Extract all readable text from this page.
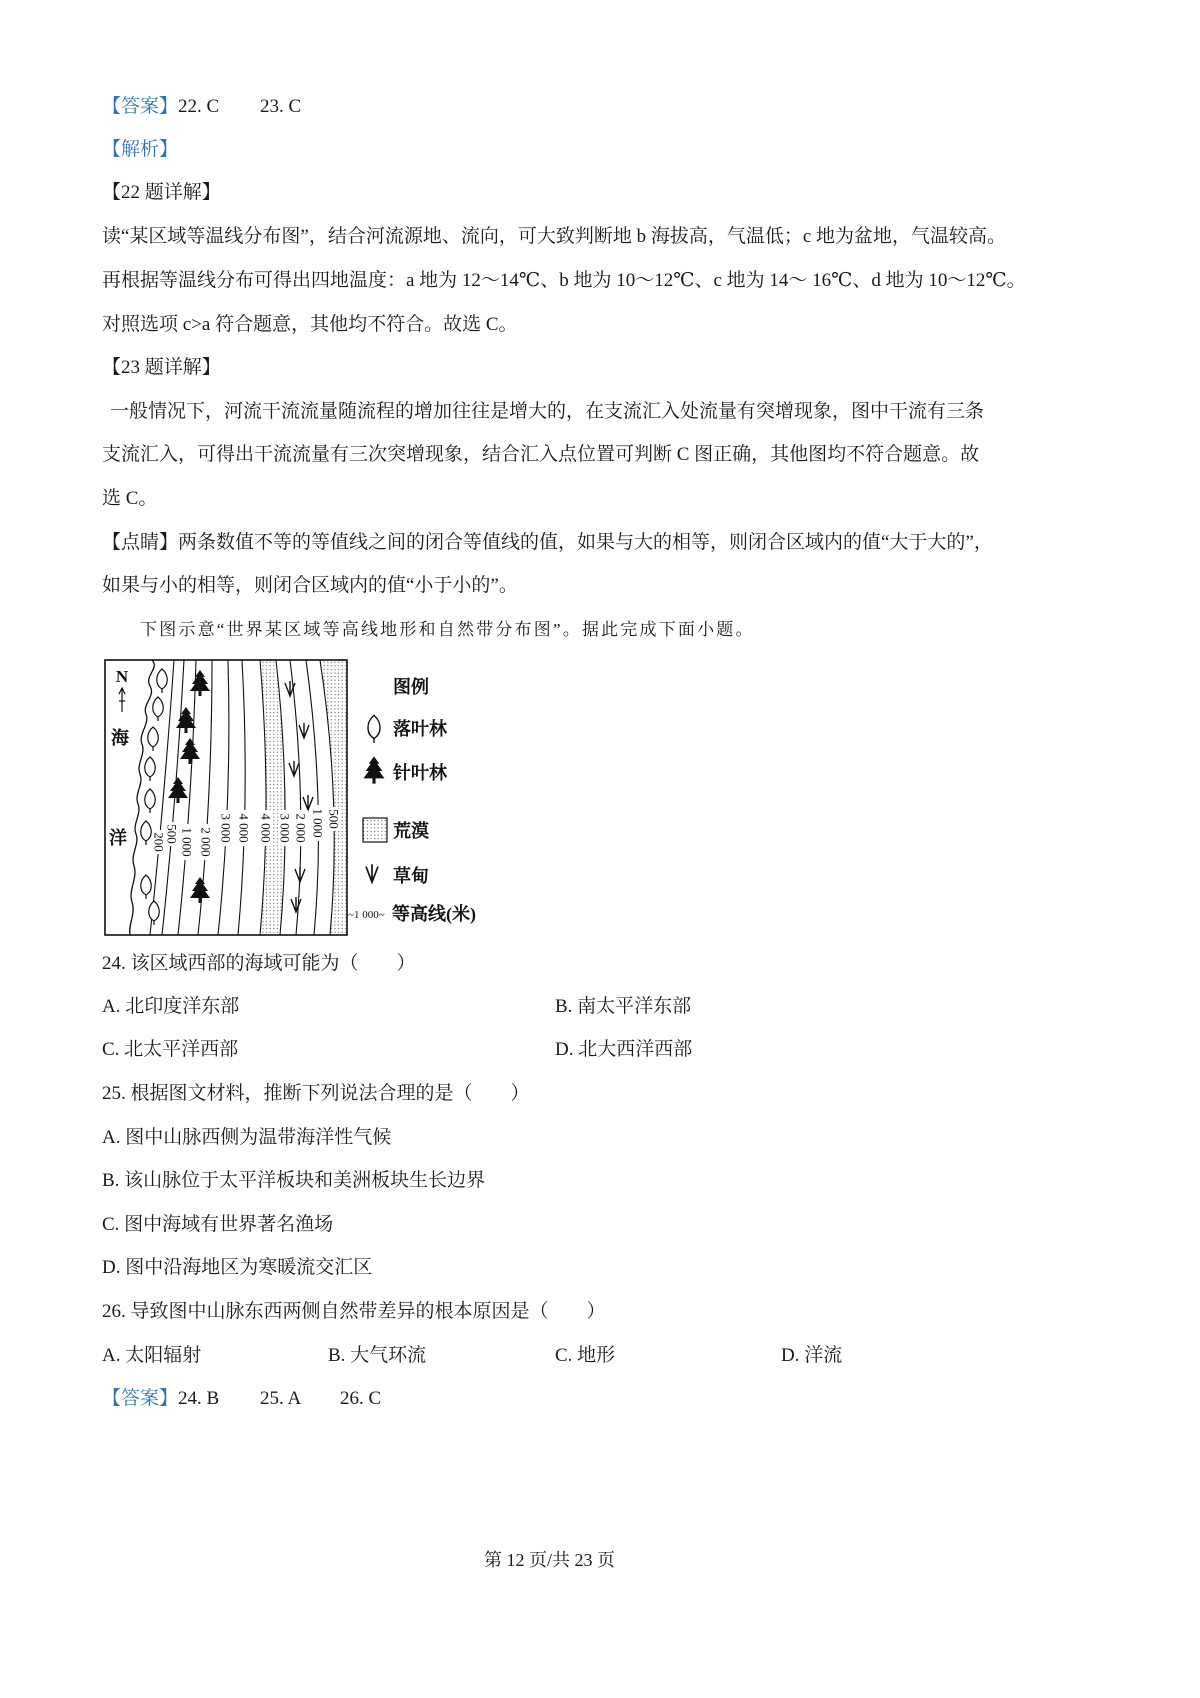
【答案】 22. C 23. C
【解析】
【22 题详解】
读“某区域等温线分布图”，结合河流源地、流向，可大致判断地 b 海拔高，气温低；c 地为盆地，气温较高。
再根据等温线分布可得出四地温度：a 地为 12～14℃、b 地为 10～12℃、c 地为 14～ 16℃、d 地为 10～12℃。
对照选项 c>a 符合题意，其他均不符合。故选 C。
【23 题详解】
一般情况下，河流干流流量随流程的增加往往是增大的，在支流汇入处流量有突增现象，图中干流有三条
支流汇入，可得出干流流量有三次突增现象，结合汇入点位置可判断 C 图正确，其他图均不符合题意。故
选 C。
【点睛】 两条数值不等的等值线之间的闭合等值线的值，如果与大的相等，则闭合区域内的值“大于大的”，
如果与小的相等，则闭合区域内的值“小于小的”。
下图示意“世界某区域等高线地形和自然带分布图”。据此完成下面小题。
200
500 1 000 2 000 3 000 4 000 4 000 3 000 2 000 1 000 500
N
海
洋
图例
落叶林
针叶林
荒漠
草甸
~1 000~ 等高线(米)
24. 该区域西部的海域可能为（　　）
A. 北印度洋东部	B. 南太平洋东部
C. 北太平洋西部	D. 北大西洋西部
25. 根据图文材料，推断下列说法合理的是（　　）
A. 图中山脉西侧为温带海洋性气候
B. 该山脉位于太平洋板块和美洲板块生长边界
C. 图中海域有世界著名渔场
D. 图中沿海地区为寒暖流交汇区
26. 导致图中山脉东西两侧自然带差异的根本原因是（　　）
A. 太阳辐射	B. 大气环流	C. 地形	D. 洋流
【答案】 24. B 25. A 26. C
第 12 页/共 23 页
